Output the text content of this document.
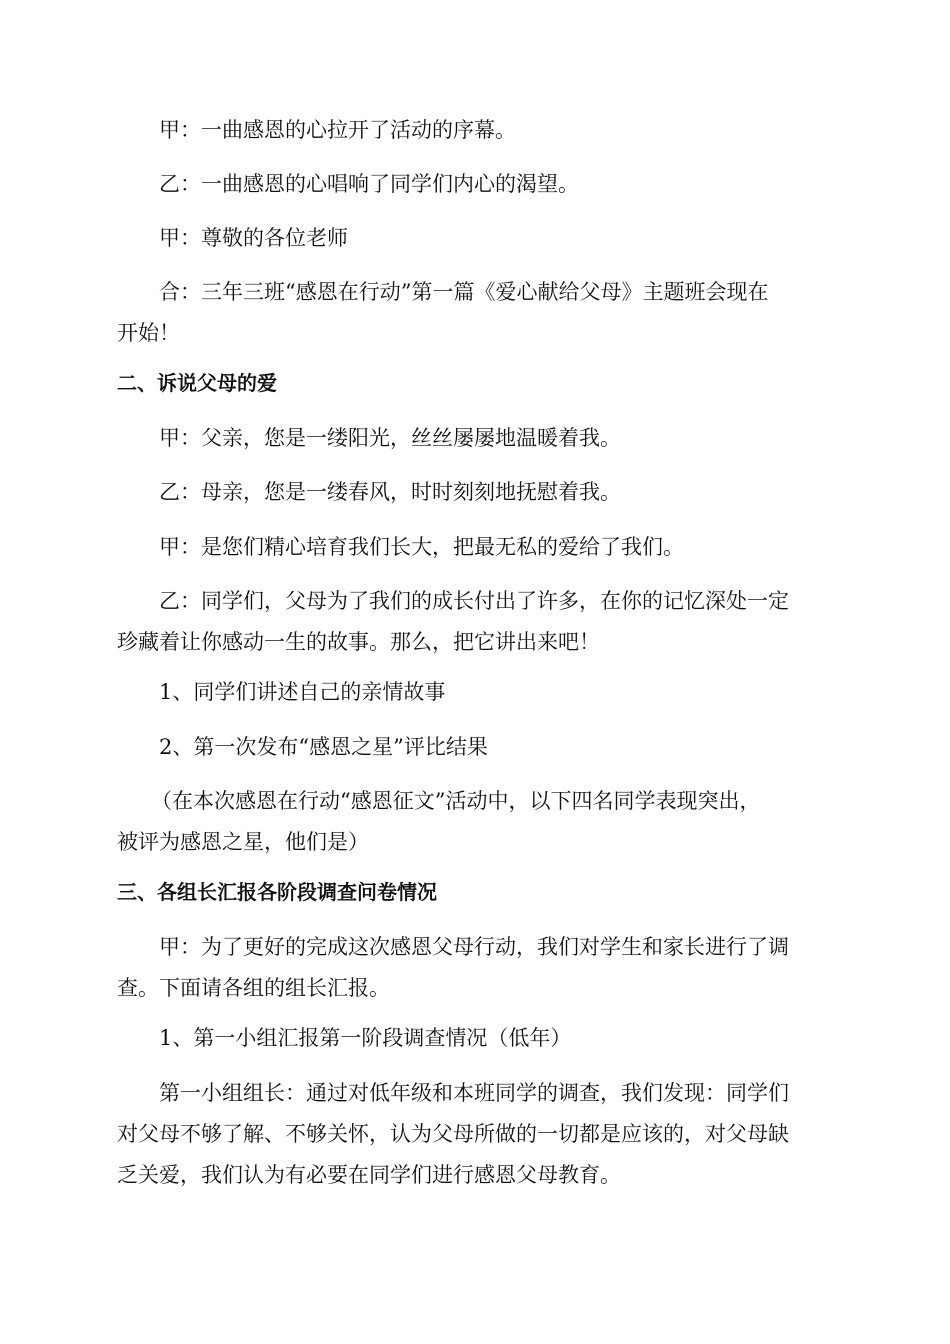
甲：一曲感恩的心拉开了活动的序幕。

乙：一曲感恩的心唱响了同学们内心的渴望。

甲：尊敬的各位老师

合：三年三班“感恩在行动”第一篇《爱心献给父母》主题班会现在
开始！

二、诉说父母的爱

甲：父亲，您是一缕阳光，丝丝屡屡地温暖着我。

乙：母亲，您是一缕春风，时时刻刻地抚慰着我。

甲：是您们精心培育我们长大，把最无私的爱给了我们。

乙：同学们，父母为了我们的成长付出了许多，在你的记忆深处一定
珍藏着让你感动一生的故事。那么，把它讲出来吧！

1、同学们讲述自己的亲情故事

2、第一次发布“感恩之星”评比结果

（在本次感恩在行动“感恩征文”活动中，以下四名同学表现突出，
被评为感恩之星，他们是）

三、各组长汇报各阶段调查问卷情况

甲：为了更好的完成这次感恩父母行动，我们对学生和家长进行了调
查。下面请各组的组长汇报。

1、第一小组汇报第一阶段调查情况（低年）

第一小组组长：通过对低年级和本班同学的调查，我们发现：同学们
对父母不够了解、不够关怀，认为父母所做的一切都是应该的，对父母缺
乏关爱，我们认为有必要在同学们进行感恩父母教育。
